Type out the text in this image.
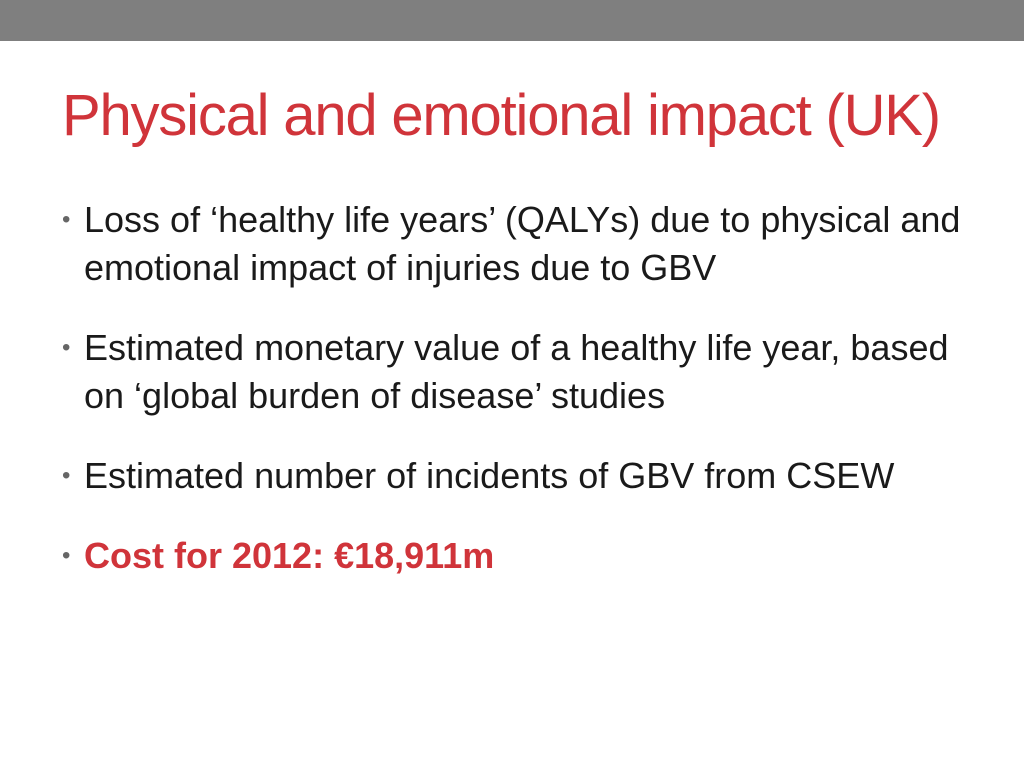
Physical and emotional impact (UK)
• Loss of ‘healthy life years’ (QALYs) due to physical and emotional impact of injuries due to GBV
• Estimated monetary value of a healthy life year, based on ‘global burden of disease’ studies
• Estimated number of incidents of GBV from CSEW
• Cost for 2012: €18,911m
